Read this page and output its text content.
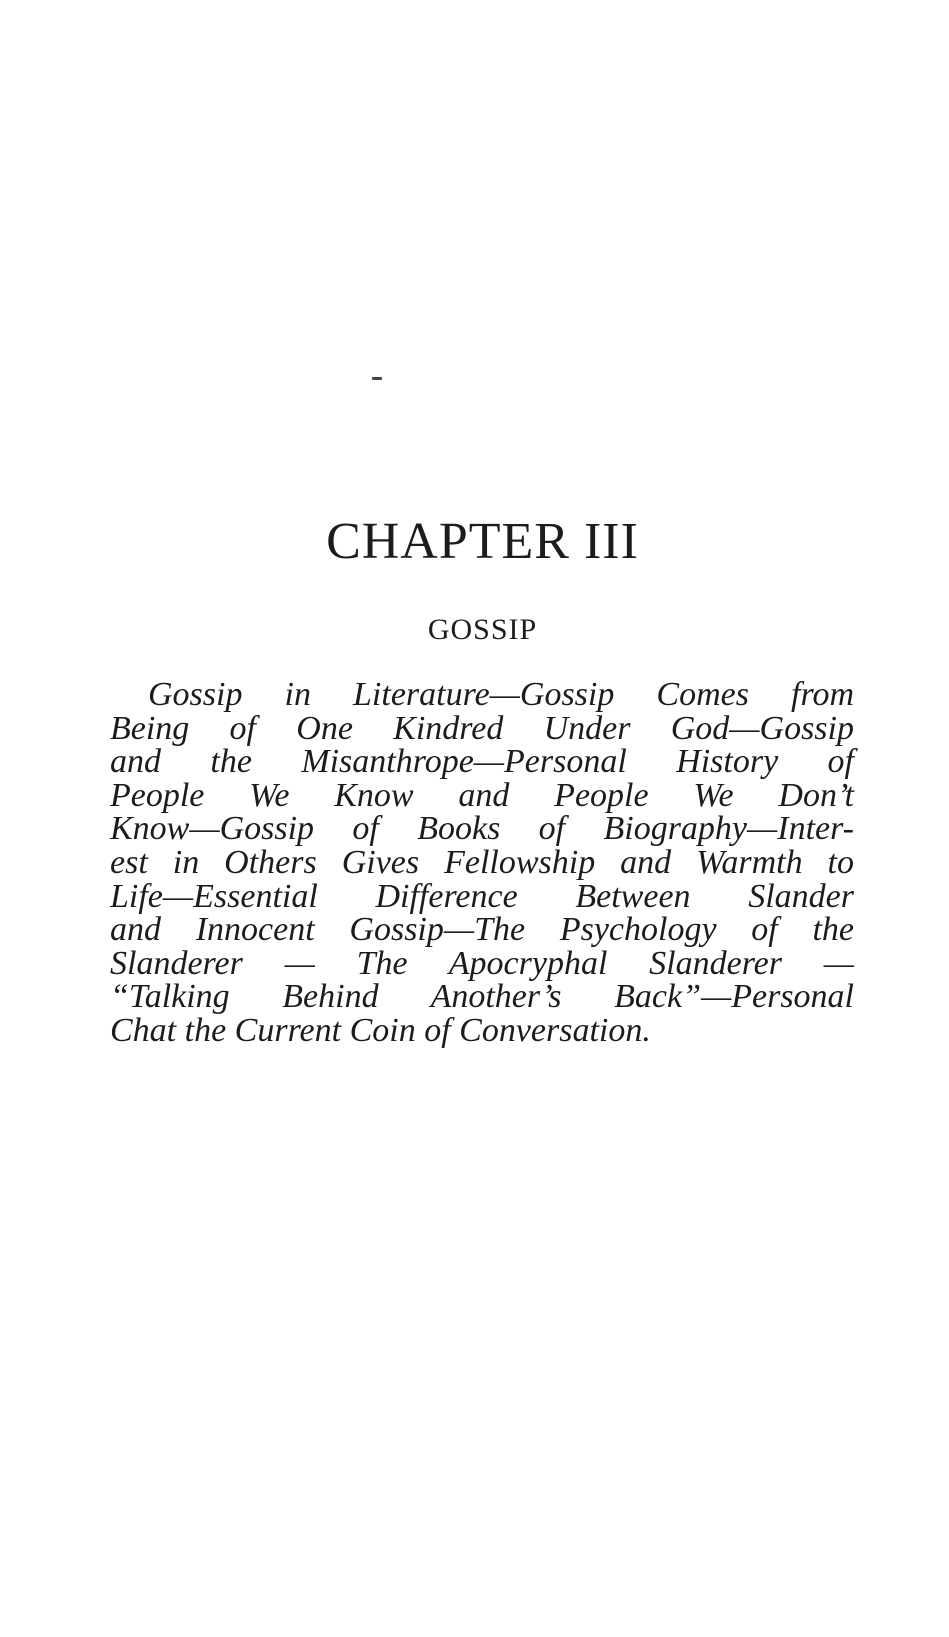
CHAPTER III
GOSSIP
Gossip in Literature—Gossip Comes from
Being of One Kindred Under God—Gossip
and the Misanthrope—Personal History of
People We Know and People We Don’t
Know—Gossip of Books of Biography—Inter-
est in Others Gives Fellowship and Warmth to
Life—Essential Difference Between Slander
and Innocent Gossip—The Psychology of the
Slanderer — The Apocryphal Slanderer —
“Talking Behind Another’s Back”—Personal
Chat the Current Coin of Conversation.
